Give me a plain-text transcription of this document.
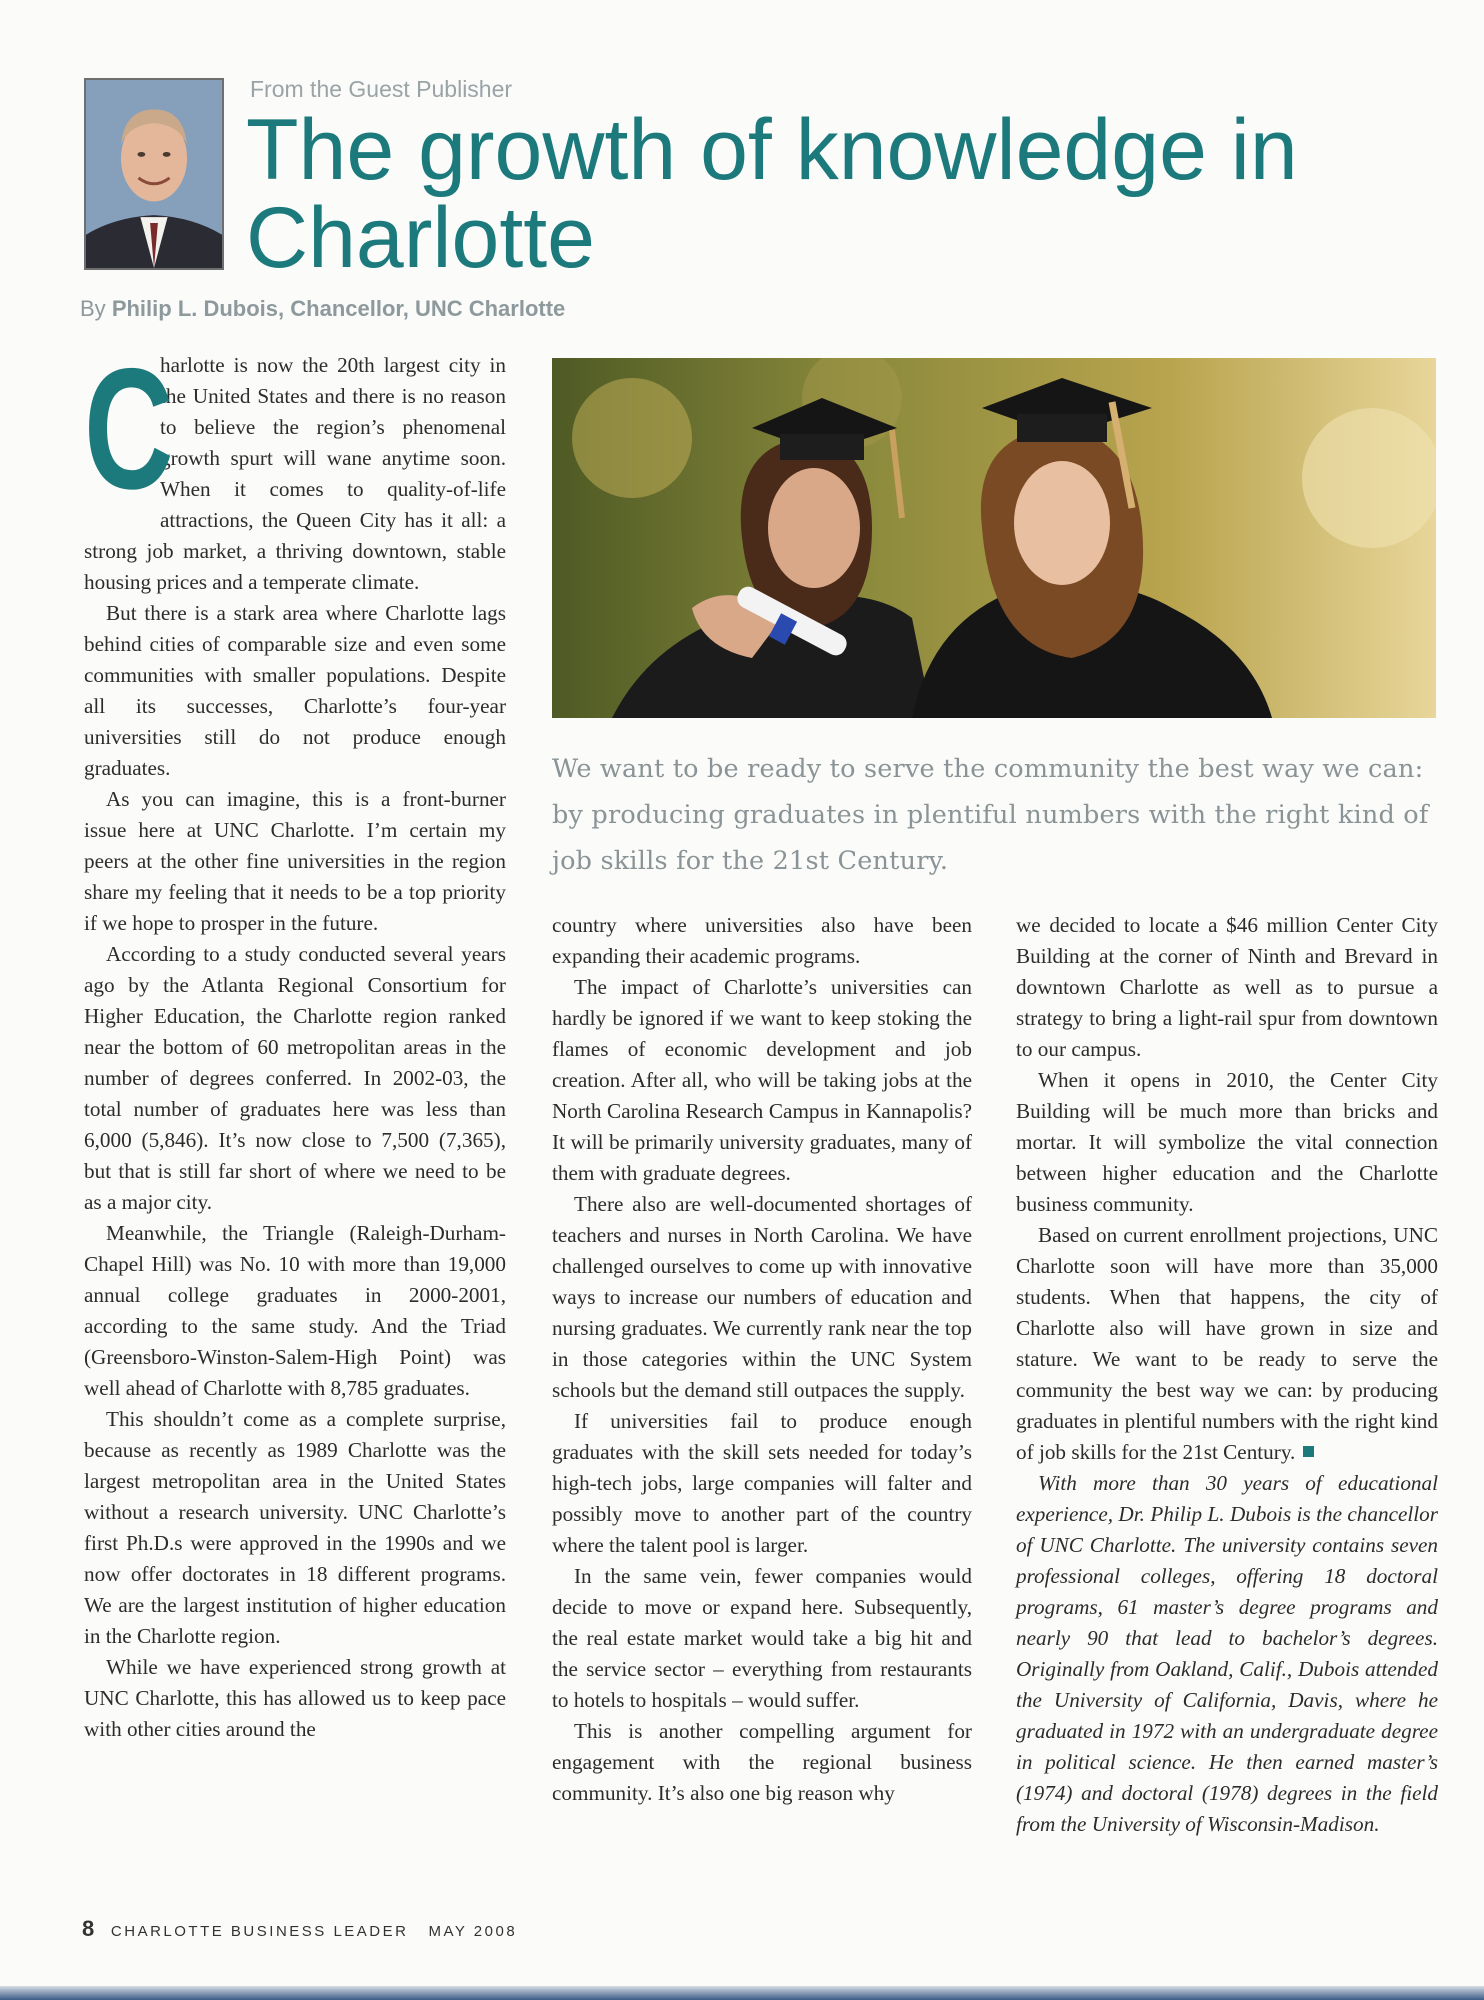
From the Guest Publisher
The growth of knowledge in Charlotte
By Philip L. Dubois, Chancellor, UNC Charlotte

C
harlotte is now the 20th largest city in the United States and there is no reason to believe the region’s phenomenal growth spurt will wane anytime soon. When it comes to quality-of-life attractions, the Queen City has it all: a strong job market, a thriving downtown, stable housing prices and a temperate climate.

But there is a stark area where Charlotte lags behind cities of comparable size and even some communities with smaller populations. Despite all its successes, Charlotte’s four-year universities still do not produce enough graduates.

As you can imagine, this is a front-burner issue here at UNC Charlotte. I’m certain my peers at the other fine universities in the region share my feeling that it needs to be a top priority if we hope to prosper in the future.

According to a study conducted several years ago by the Atlanta Regional Consortium for Higher Education, the Charlotte region ranked near the bottom of 60 metropolitan areas in the number of degrees conferred. In 2002-03, the total number of graduates here was less than 6,000 (5,846). It’s now close to 7,500 (7,365), but that is still far short of where we need to be as a major city.

Meanwhile, the Triangle (Raleigh-Durham-Chapel Hill) was No. 10 with more than 19,000 annual college graduates in 2000-2001, according to the same study. And the Triad (Greensboro-Winston-Salem-High Point) was well ahead of Charlotte with 8,785 graduates.

This shouldn’t come as a complete surprise, because as recently as 1989 Charlotte was the largest metropolitan area in the United States without a research university. UNC Charlotte’s first Ph.D.s were approved in the 1990s and we now offer doctorates in 18 different programs. We are the largest institution of higher education in the Charlotte region.

While we have experienced strong growth at UNC Charlotte, this has allowed us to keep pace with other cities around the

We want to be ready to serve the community the best way we can: by producing graduates in plentiful numbers with the right kind of job skills for the 21st Century.

country where universities also have been expanding their academic programs.

The impact of Charlotte’s universities can hardly be ignored if we want to keep stoking the flames of economic development and job creation. After all, who will be taking jobs at the North Carolina Research Campus in Kannapolis? It will be primarily university graduates, many of them with graduate degrees.

There also are well-documented shortages of teachers and nurses in North Carolina. We have challenged ourselves to come up with innovative ways to increase our numbers of education and nursing graduates. We currently rank near the top in those categories within the UNC System schools but the demand still outpaces the supply.

If universities fail to produce enough graduates with the skill sets needed for today’s high-tech jobs, large companies will falter and possibly move to another part of the country where the talent pool is larger.

In the same vein, fewer companies would decide to move or expand here. Subsequently, the real estate market would take a big hit and the service sector – everything from restaurants to hotels to hospitals – would suffer.

This is another compelling argument for engagement with the regional business community. It’s also one big reason why

we decided to locate a $46 million Center City Building at the corner of Ninth and Brevard in downtown Charlotte as well as to pursue a strategy to bring a light-rail spur from downtown to our campus.

When it opens in 2010, the Center City Building will be much more than bricks and mortar. It will symbolize the vital connection between higher education and the Charlotte business community.

Based on current enrollment projections, UNC Charlotte soon will have more than 35,000 students. When that happens, the city of Charlotte also will have grown in size and stature. We want to be ready to serve the community the best way we can: by producing graduates in plentiful numbers with the right kind of job skills for the 21st Century.

With more than 30 years of educational experience, Dr. Philip L. Dubois is the chancellor of UNC Charlotte. The university contains seven professional colleges, offering 18 doctoral programs, 61 master’s degree programs and nearly 90 that lead to bachelor’s degrees. Originally from Oakland, Calif., Dubois attended the University of California, Davis, where he graduated in 1972 with an undergraduate degree in political science. He then earned master’s (1974) and doctoral (1978) degrees in the field from the University of Wisconsin-Madison.

8 CHARLOTTE BUSINESS LEADER MAY 2008
